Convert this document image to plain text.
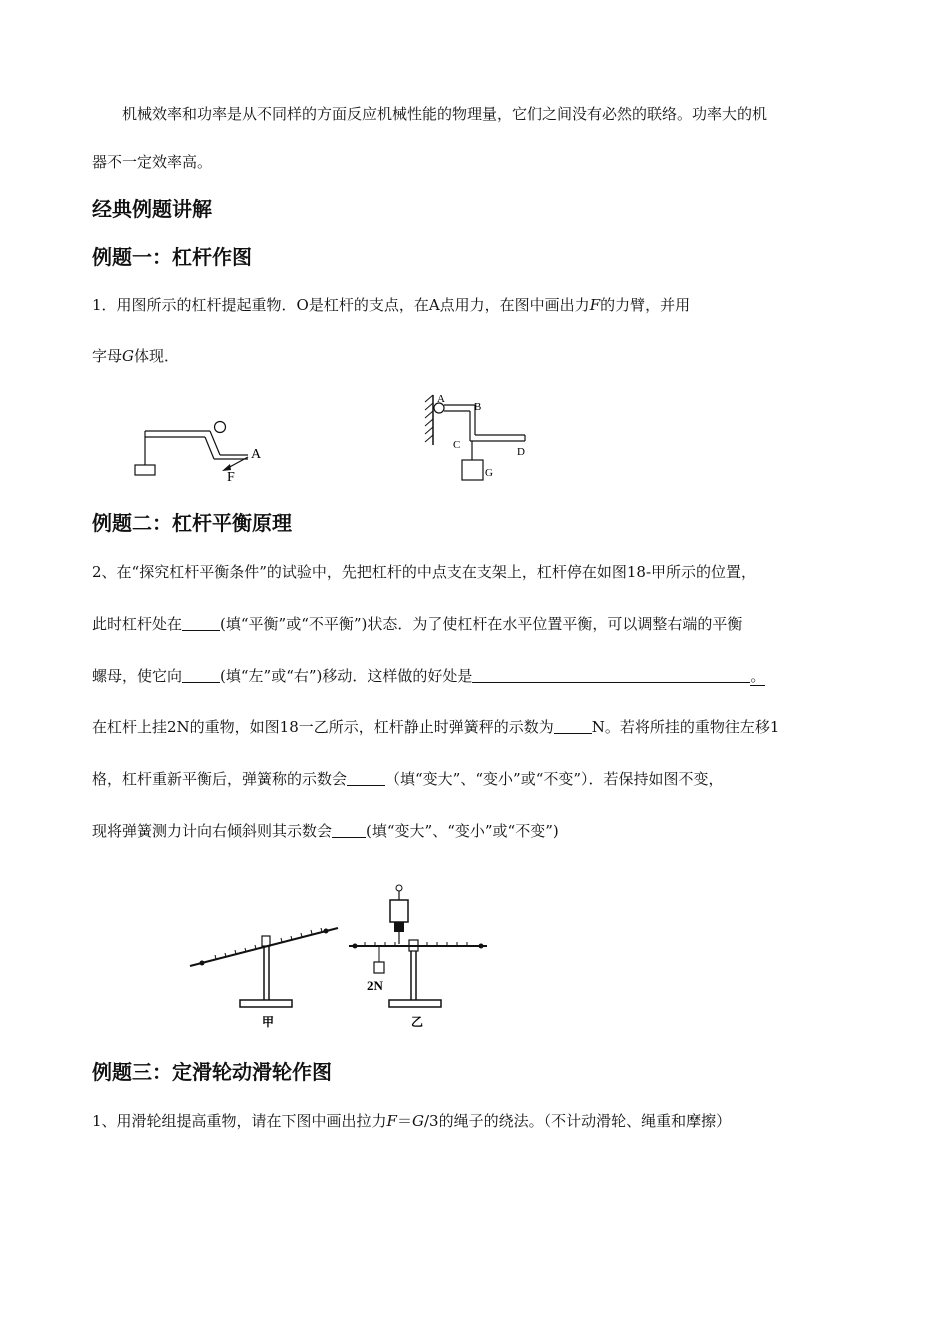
机械效率和功率是从不同样的方面反应机械性能的物理量，它们之间没有必然的联络。功率大的机
器不一定效率高。
经典例题讲解
例题一：杠杆作图
1．用图所示的杠杆提起重物．O是杠杆的支点，在A点用力，在图中画出力F的力臂，并用
字母G体现．
A
F
A
B
C
D
G
例题二：杠杆平衡原理
2、在“探究杠杆平衡条件”的试验中，先把杠杆的中点支在支架上，杠杆停在如图18-甲所示的位置，
此时杠杆处在	(填“平衡”或“不平衡”)状态．为了使杠杆在水平位置平衡，可以调整右端的平衡
螺母，使它向	(填“左”或“右”)移动．这样做的好处是	。
在杠杆上挂2N的重物，如图18一乙所示，杠杆静止时弹簧秤的示数为	N。若将所挂的重物往左移1
格，杠杆重新平衡后，弹簧称的示数会	（填“变大”、“变小”或“不变”）．若保持如图不变，
现将弹簧测力计向右倾斜则其示数会 (填“变大”、“变小”或“不变”)
甲
2N
乙
例题三：定滑轮动滑轮作图
1、用滑轮组提高重物，请在下图中画出拉力F＝G/3的绳子的绕法。（不计动滑轮、绳重和摩擦）
